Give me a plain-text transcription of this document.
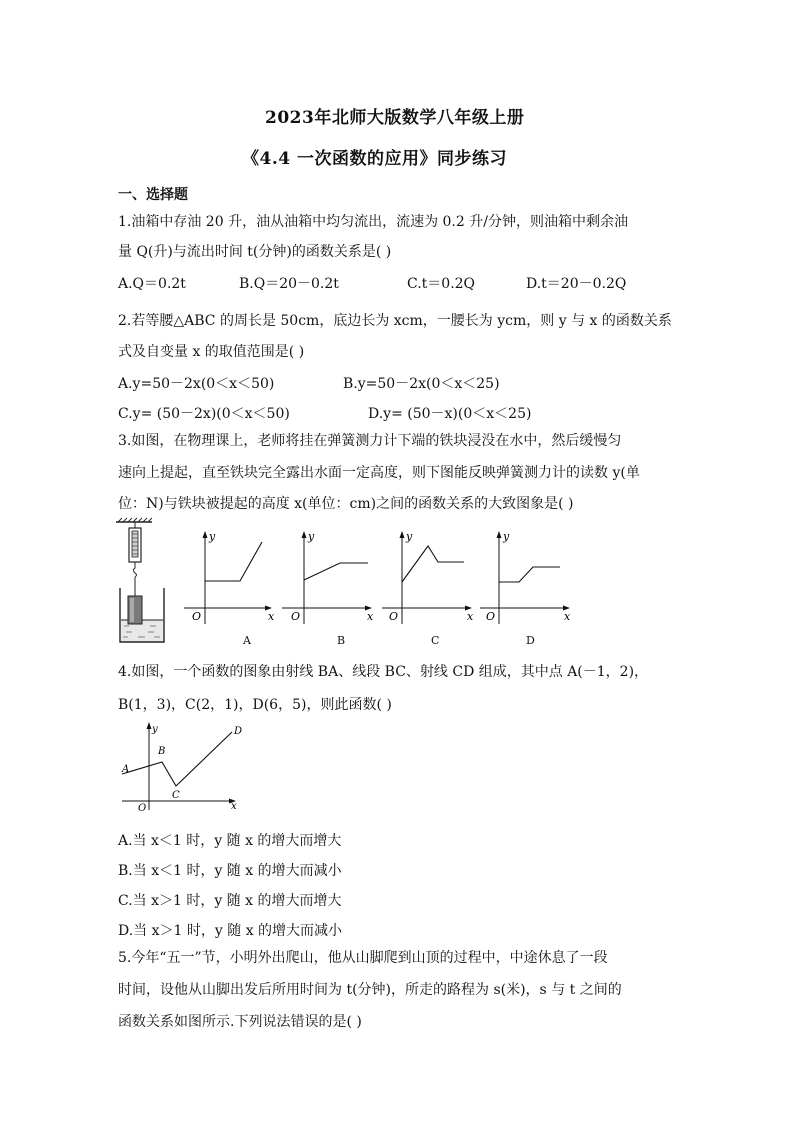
2023年北师大版数学八年级上册
《4.4 一次函数的应用》同步练习
一、选择题
1.油箱中存油 20 升，油从油箱中均匀流出，流速为 0.2 升/分钟，则油箱中剩余油
量 Q(升)与流出时间 t(分钟)的函数关系是( )
A.Q＝0.2t	B.Q＝20－0.2t	C.t＝0.2Q	D.t＝20－0.2Q
2.若等腰△ABC 的周长是 50cm，底边长为 xcm，一腰长为 ycm，则 y 与 x 的函数关系
式及自变量 x 的取值范围是( )
A.y=50－2x(0＜x＜50)	B.y=50－2x(0＜x＜25)
C.y= (50－2x)(0＜x＜50)	D.y= (50－x)(0＜x＜25)
3.如图，在物理课上，老师将挂在弹簧测力计下端的铁块浸没在水中，然后缓慢匀
速向上提起，直至铁块完全露出水面一定高度，则下图能反映弹簧测力计的读数 y(单
位：N)与铁块被提起的高度 x(单位：cm)之间的函数关系的大致图象是( )
y
x
O
A
y
x
O
B
y
x
O
C
y
x
O
D
4.如图，一个函数的图象由射线 BA、线段 BC、射线 CD 组成，其中点 A(－1，2)，
B(1，3)，C(2，1)，D(6，5)，则此函数( )
y
x
O
A
B
C
D
A.当 x＜1 时，y 随 x 的增大而增大
B.当 x＜1 时，y 随 x 的增大而减小
C.当 x＞1 时，y 随 x 的增大而增大
D.当 x＞1 时，y 随 x 的增大而减小
5.今年“五一”节，小明外出爬山，他从山脚爬到山顶的过程中，中途休息了一段
时间，设他从山脚出发后所用时间为 t(分钟)，所走的路程为 s(米)，s 与 t 之间的
函数关系如图所示.下列说法错误的是( )
